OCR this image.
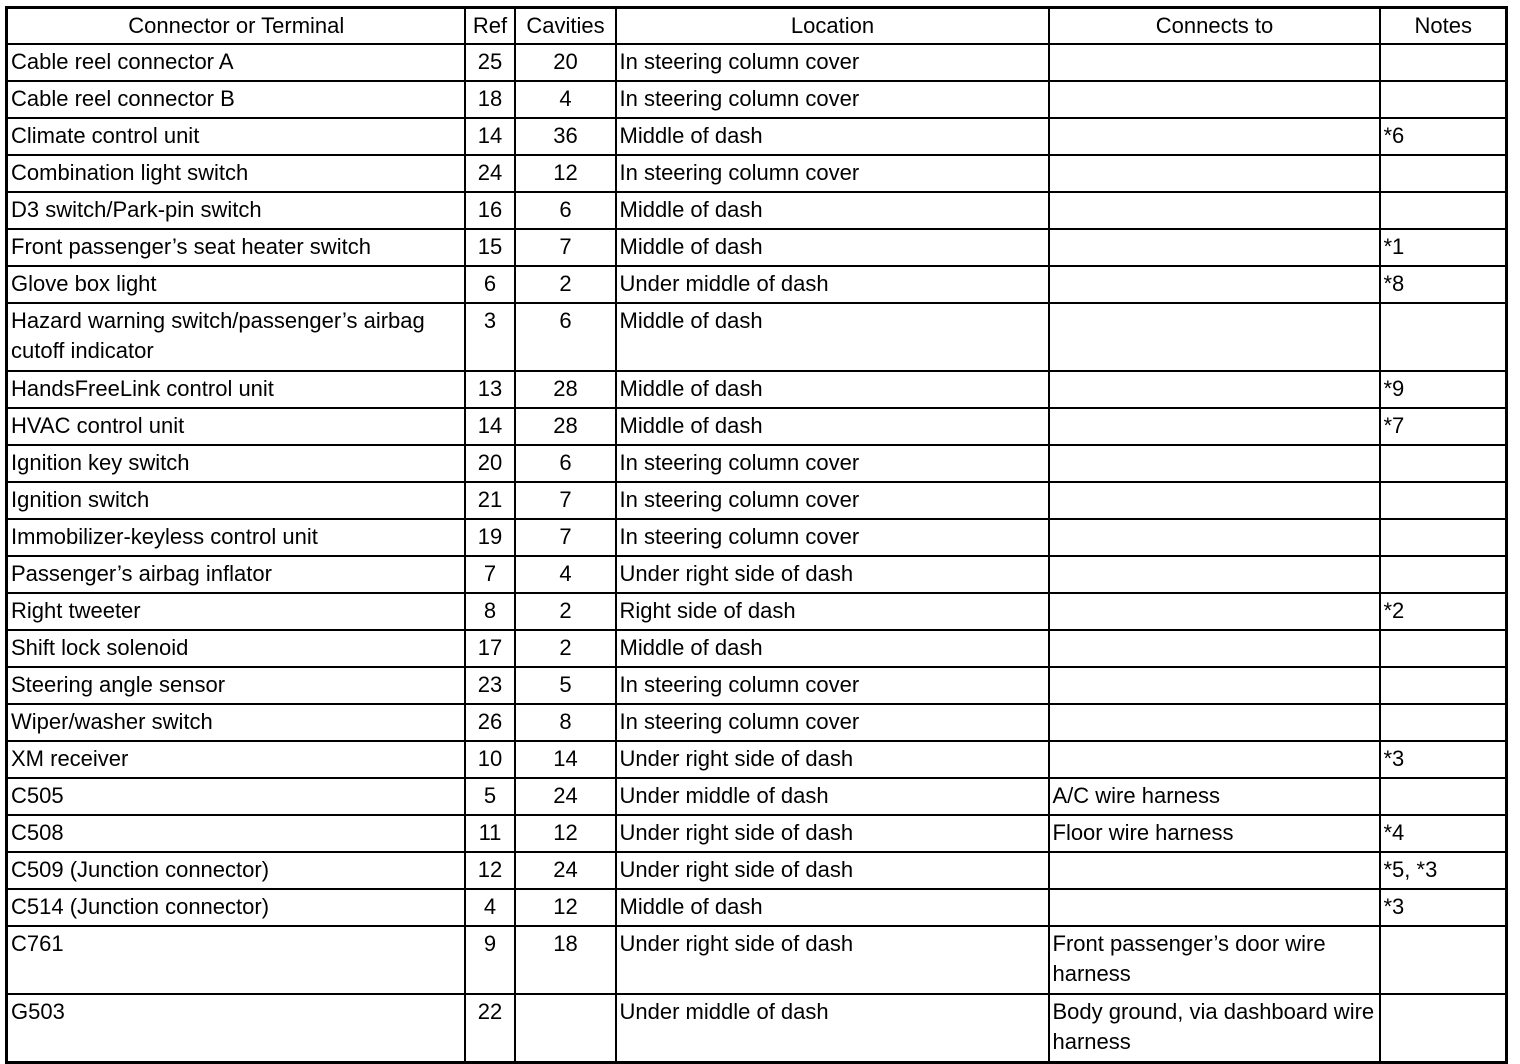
Connector or Terminal	Ref	Cavities	Location	Connects to	Notes
Cable reel connector A	25	20	In steering column cover		
Cable reel connector B	18	4	In steering column cover		
Climate control unit	14	36	Middle of dash		*6
Combination light switch	24	12	In steering column cover		
D3 switch/Park-pin switch	16	6	Middle of dash		
Front passenger’s seat heater switch	15	7	Middle of dash		*1
Glove box light	6	2	Under middle of dash		*8
Hazard warning switch/passenger’s airbag cutoff indicator	3	6	Middle of dash		
HandsFreeLink control unit	13	28	Middle of dash		*9
HVAC control unit	14	28	Middle of dash		*7
Ignition key switch	20	6	In steering column cover		
Ignition switch	21	7	In steering column cover		
Immobilizer-keyless control unit	19	7	In steering column cover		
Passenger’s airbag inflator	7	4	Under right side of dash		
Right tweeter	8	2	Right side of dash		*2
Shift lock solenoid	17	2	Middle of dash		
Steering angle sensor	23	5	In steering column cover		
Wiper/washer switch	26	8	In steering column cover		
XM receiver	10	14	Under right side of dash		*3
C505	5	24	Under middle of dash	A/C wire harness	
C508	11	12	Under right side of dash	Floor wire harness	*4
C509 (Junction connector)	12	24	Under right side of dash		*5, *3
C514 (Junction connector)	4	12	Middle of dash		*3
C761	9	18	Under right side of dash	Front passenger’s door wire harness	
G503	22		Under middle of dash	Body ground, via dashboard wire harness	
